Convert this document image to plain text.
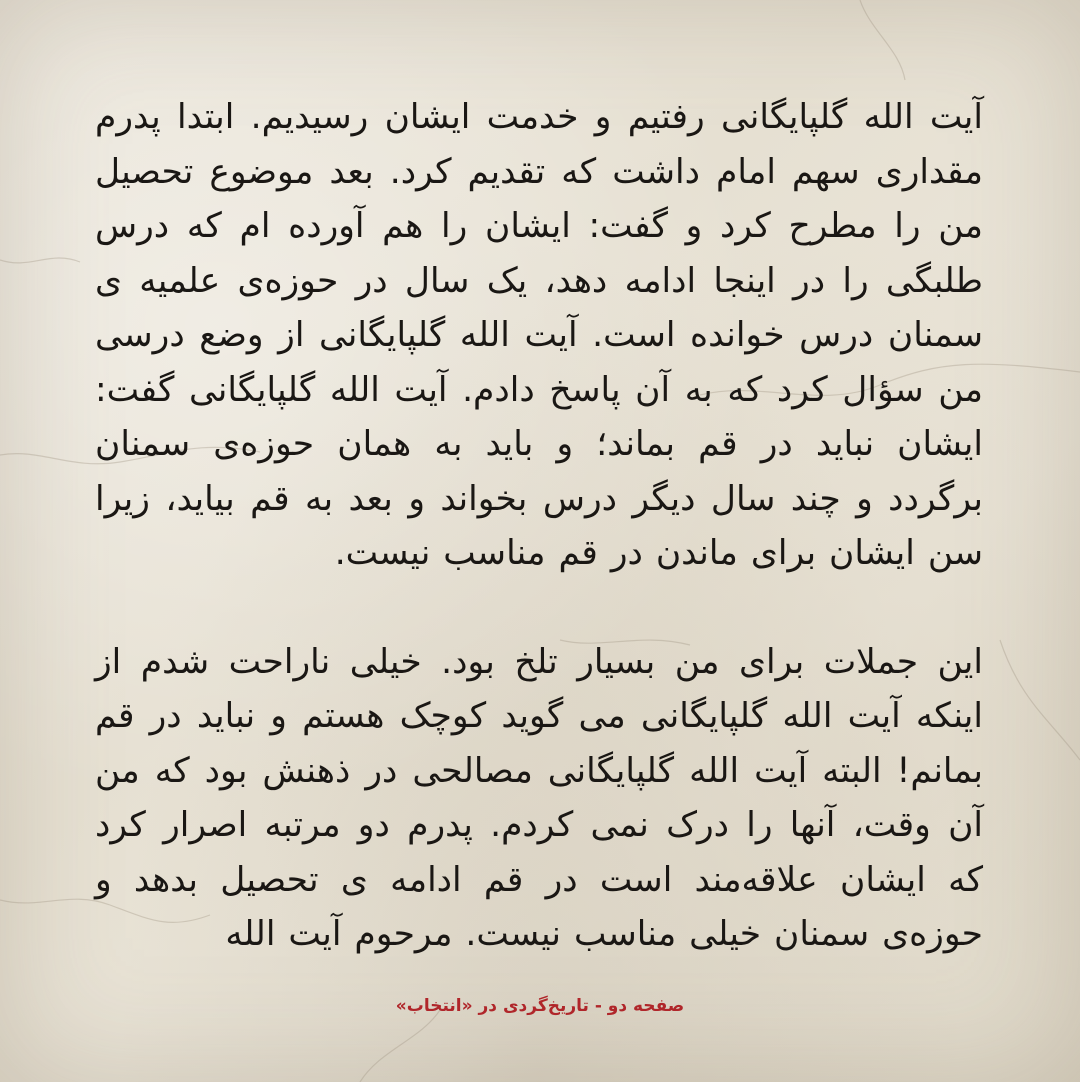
آیت الله گلپایگانی رفتیم و خدمت ایشان رسیدیم. ابتدا پدرم مقداری سهم امام داشت که تقدیم کرد. بعد موضوع تحصیل من را مطرح کرد و گفت: ایشان را هم آورده ام که درس طلبگی را در اینجا ادامه دهد، یک سال در حوزه‌ی علمیه ی سمنان درس خوانده است. آیت الله گلپایگانی از وضع درسی من سؤال کرد که به آن پاسخ دادم. آیت الله گلپایگانی گفت: ایشان نباید در قم بماند؛ و باید به همان حوزه‌ی سمنان برگردد و چند سال دیگر درس بخواند و بعد به قم بیاید، زیرا سن ایشان برای ماندن در قم مناسب نیست.

این جملات برای من بسیار تلخ بود. خیلی ناراحت شدم از اینکه آیت الله گلپایگانی می گوید کوچک هستم و نباید در قم بمانم! البته آیت الله گلپایگانی مصالحی در ذهنش بود که من آن وقت، آنها را درک نمی کردم. پدرم دو مرتبه اصرار کرد که ایشان علاقه‌مند است در قم ادامه ی تحصیل بدهد و حوزه‌ی سمنان خیلی مناسب نیست. مرحوم آیت الله

صفحه دو - تاریخ‌گردی در «انتخاب»
